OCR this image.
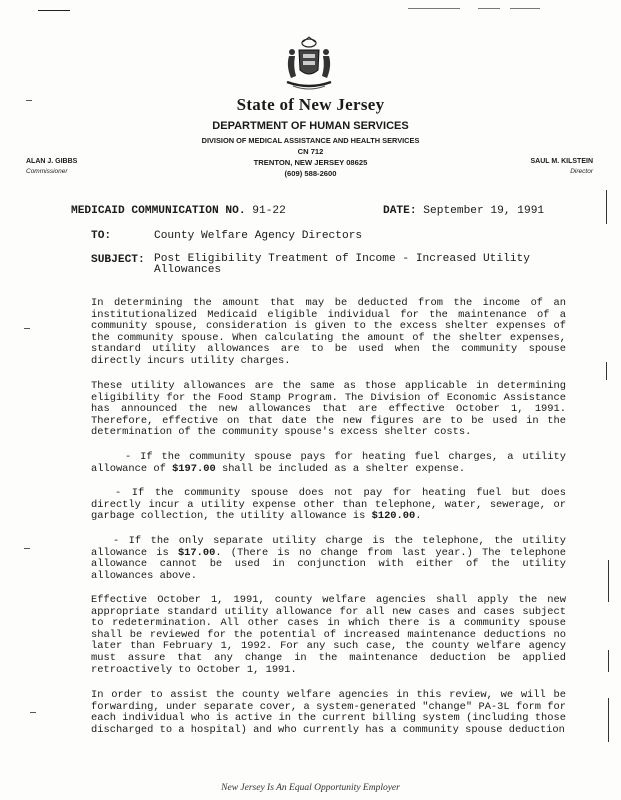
State of New Jersey
DEPARTMENT OF HUMAN SERVICES
DIVISION OF MEDICAL ASSISTANCE AND HEALTH SERVICES
CN 712
TRENTON, NEW JERSEY 08625
(609) 588-2600
ALAN J. GIBBS
Commissioner
SAUL M. KILSTEIN
Director
MEDICAID COMMUNICATION NO. 91-22	DATE: September 19, 1991
TO:	County Welfare Agency Directors
SUBJECT: Post Eligibility Treatment of Income - Increased Utility Allowances
In determining the amount that may be deducted from the income of an institutionalized Medicaid eligible individual for the maintenance of a community spouse, consideration is given to the excess shelter expenses of the community spouse. When calculating the amount of the shelter expenses, standard utility allowances are to be used when the community spouse directly incurs utility charges.
These utility allowances are the same as those applicable in determining eligibility for the Food Stamp Program. The Division of Economic Assistance has announced the new allowances that are effective October 1, 1991. Therefore, effective on that date the new figures are to be used in the determination of the community spouse's excess shelter costs.
- If the community spouse pays for heating fuel charges, a utility allowance of $197.00 shall be included as a shelter expense.
- If the community spouse does not pay for heating fuel but does directly incur a utility expense other than telephone, water, sewerage, or garbage collection, the utility allowance is $120.00.
- If the only separate utility charge is the telephone, the utility allowance is $17.00. (There is no change from last year.) The telephone allowance cannot be used in conjunction with either of the utility allowances above.
Effective October 1, 1991, county welfare agencies shall apply the new appropriate standard utility allowance for all new cases and cases subject to redetermination. All other cases in which there is a community spouse shall be reviewed for the potential of increased maintenance deductions no later than February 1, 1992. For any such case, the county welfare agency must assure that any change in the maintenance deduction be applied retroactively to October 1, 1991.
In order to assist the county welfare agencies in this review, we will be forwarding, under separate cover, a system-generated "change" PA-3L form for each individual who is active in the current billing system (including those discharged to a hospital) and who currently has a community spouse deduction
New Jersey Is An Equal Opportunity Employer
